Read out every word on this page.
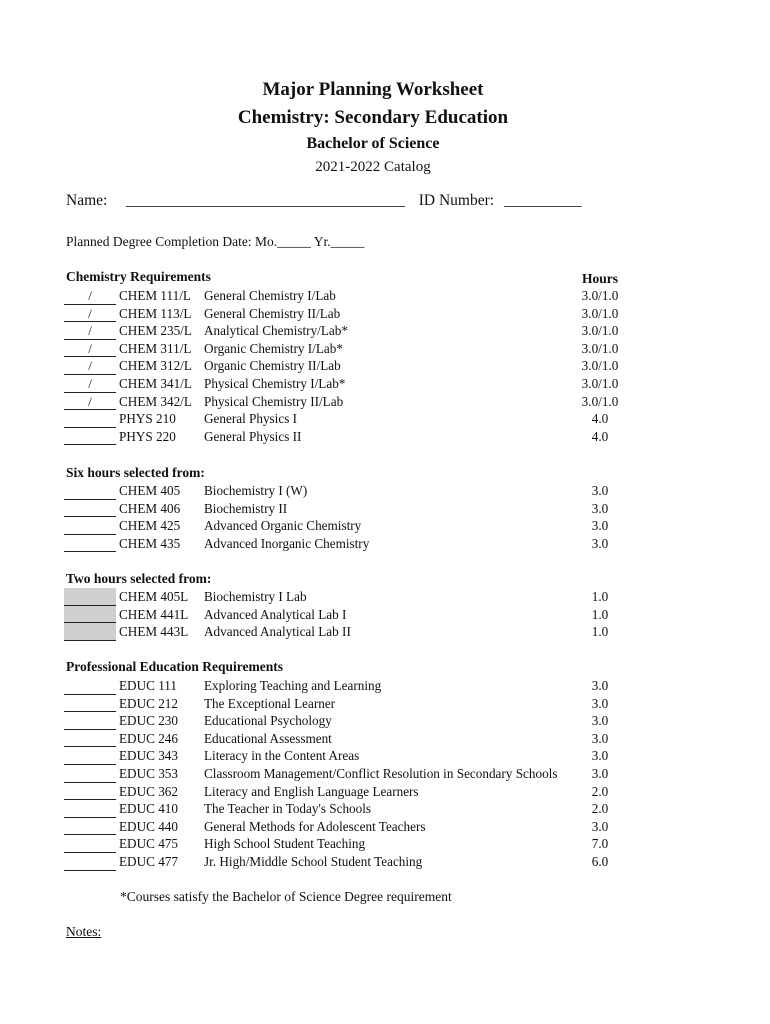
Major Planning Worksheet
Chemistry: Secondary Education
Bachelor of Science
2021-2022 Catalog
Name: ____________________________________ ID Number: __________
Planned Degree Completion Date: Mo._____ Yr._____
Chemistry Requirements	Hours
/	CHEM 111/L General Chemistry I/Lab	3.0/1.0
/	CHEM 113/L General Chemistry II/Lab	3.0/1.0
/	CHEM 235/L Analytical Chemistry/Lab*	3.0/1.0
/	CHEM 311/L Organic Chemistry I/Lab*	3.0/1.0
/	CHEM 312/L Organic Chemistry II/Lab	3.0/1.0
/	CHEM 341/L Physical Chemistry I/Lab*	3.0/1.0
/	CHEM 342/L Physical Chemistry II/Lab	3.0/1.0
PHYS 210 General Physics I	4.0
PHYS 220 General Physics II	4.0
Six hours selected from:
CHEM 405 Biochemistry I (W)	3.0
CHEM 406 Biochemistry II	3.0
CHEM 425 Advanced Organic Chemistry	3.0
CHEM 435 Advanced Inorganic Chemistry	3.0
Two hours selected from:
CHEM 405L Biochemistry I Lab	1.0
CHEM 441L Advanced Analytical Lab I	1.0
CHEM 443L Advanced Analytical Lab II	1.0
Professional Education Requirements
EDUC 111 Exploring Teaching and Learning	3.0
EDUC 212 The Exceptional Learner	3.0
EDUC 230 Educational Psychology	3.0
EDUC 246 Educational Assessment	3.0
EDUC 343 Literacy in the Content Areas	3.0
EDUC 353 Classroom Management/Conflict Resolution in Secondary Schools	3.0
EDUC 362 Literacy and English Language Learners	2.0
EDUC 410 The Teacher in Today's Schools	2.0
EDUC 440 General Methods for Adolescent Teachers	3.0
EDUC 475 High School Student Teaching	7.0
EDUC 477 Jr. High/Middle School Student Teaching	6.0
*Courses satisfy the Bachelor of Science Degree requirement
Notes:
